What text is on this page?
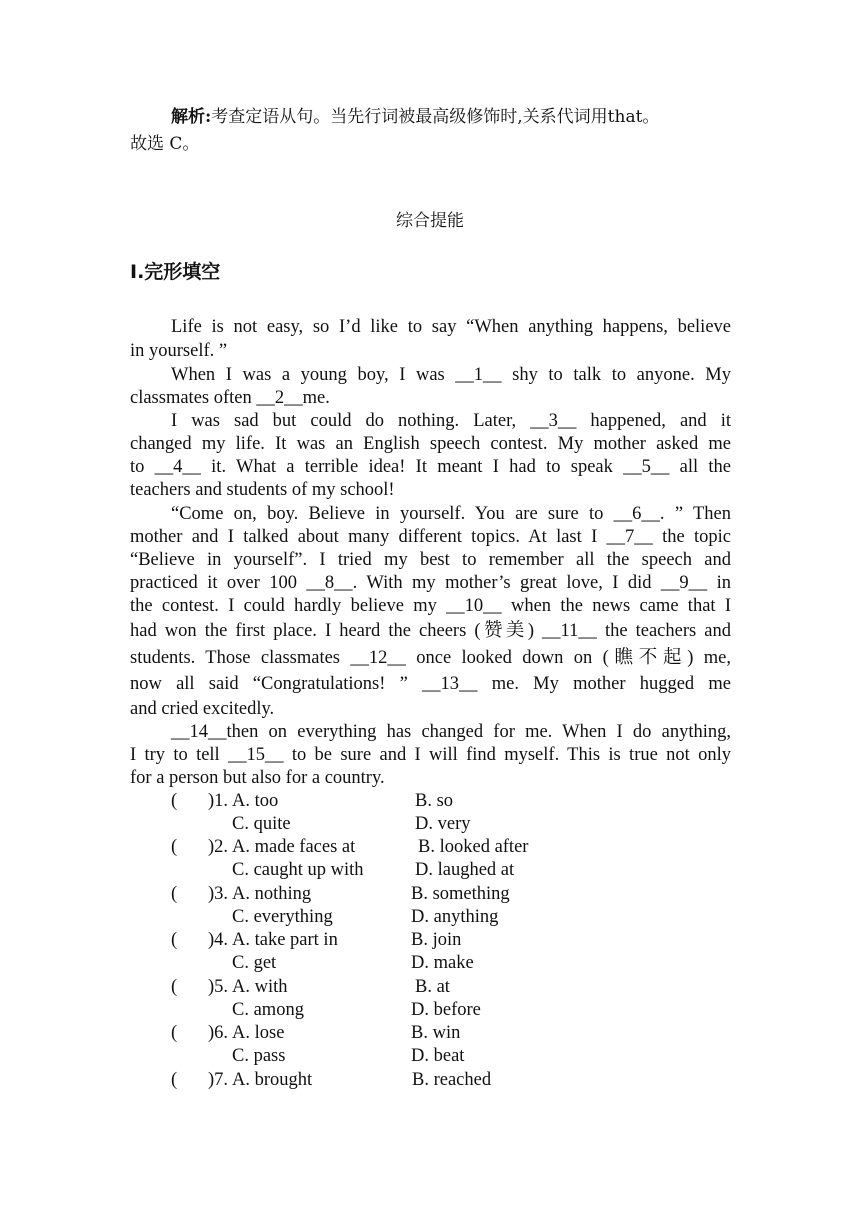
解析:考查定语从句。当先行词被最高级修饰时,关系代词用that。
故选 C。
综合提能
Ⅰ.完形填空
Life is not easy, so I’d like to say “When anything happens, believe
in yourself. ”
When I was a young boy, I was __1__ shy to talk to anyone. My
classmates often __2__me.
I was sad but could do nothing. Later, __3__ happened, and it
changed my life. It was an English speech contest. My mother asked me
to __4__ it. What a terrible idea! It meant I had to speak __5__ all the
teachers and students of my school!
“Come on, boy. Believe in yourself. You are sure to __6__. ” Then
mother and I talked about many different topics. At last I __7__ the topic
“Believe in yourself”. I tried my best to remember all the speech and
practiced it over 100 __8__. With my mother’s great love, I did __9__ in
the contest. I could hardly believe my __10__ when the news came that I
had won the first place. I heard the cheers (赞美) __11__ the teachers and
students. Those classmates __12__ once looked down on (瞧不起) me,
now all said “Congratulations! ” __13__ me. My mother hugged me
and cried excitedly.
__14__then on everything has changed for me. When I do anything,
I try to tell __15__ to be sure and I will find myself. This is true not only
for a person but also for a country.
( )1. A. too	B. so
C. quite	D. very
( )2. A. made faces at	B. looked after
C. caught up with	D. laughed at
( )3. A. nothing	B. something
C. everything	D. anything
( )4. A. take part in	B. join
C. get	D. make
( )5. A. with	B. at
C. among	D. before
( )6. A. lose	B. win
C. pass	D. beat
( )7. A. brought	B. reached
